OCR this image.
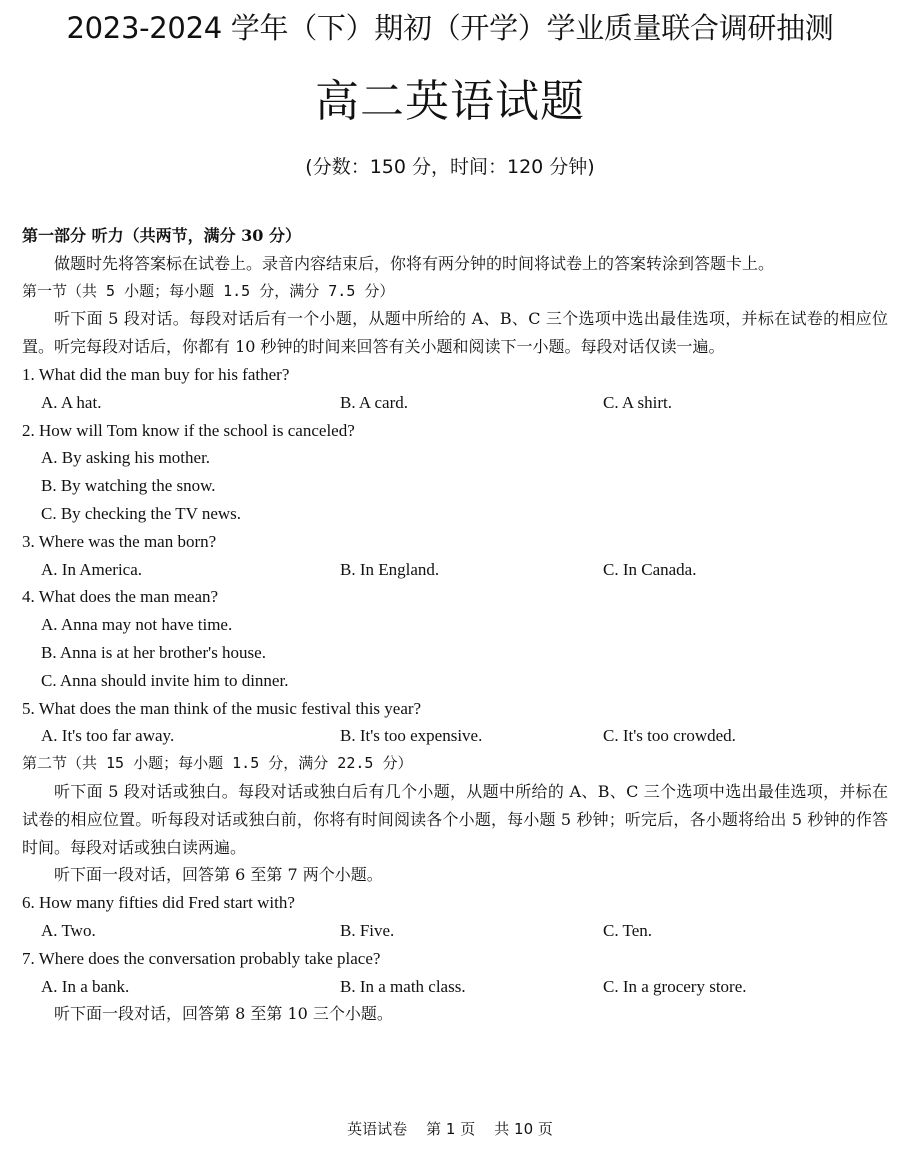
2023-2024 学年（下）期初（开学）学业质量联合调研抽测
高二英语试题
(分数：150 分，时间：120 分钟)
第一部分 听力（共两节，满分 30 分）
做题时先将答案标在试卷上。录音内容结束后，你将有两分钟的时间将试卷上的答案转涂到答题卡上。
第一节（共 5 小题；每小题 1.5 分，满分 7.5 分）
听下面 5 段对话。每段对话后有一个小题，从题中所给的 A、B、C 三个选项中选出最佳选项，并标在试卷的相应位置。听完每段对话后，你都有 10 秒钟的时间来回答有关小题和阅读下一小题。每段对话仅读一遍。
1. What did the man buy for his father?
A. A hat.	B. A card.	C. A shirt.
2. How will Tom know if the school is canceled?
A. By asking his mother.
B. By watching the snow.
C. By checking the TV news.
3. Where was the man born?
A. In America.	B. In England.	C. In Canada.
4. What does the man mean?
A. Anna may not have time.
B. Anna is at her brother's house.
C. Anna should invite him to dinner.
5. What does the man think of the music festival this year?
A. It's too far away.	B. It's too expensive.	C. It's too crowded.
第二节（共 15 小题；每小题 1.5 分，满分 22.5 分）
听下面 5 段对话或独白。每段对话或独白后有几个小题，从题中所给的 A、B、C 三个选项中选出最佳选项，并标在试卷的相应位置。听每段对话或独白前，你将有时间阅读各个小题，每小题 5 秒钟；听完后，各小题将给出 5 秒钟的作答时间。每段对话或独白读两遍。
听下面一段对话，回答第 6 至第 7 两个小题。
6. How many fifties did Fred start with?
A. Two.	B. Five.	C. Ten.
7. Where does the conversation probably take place?
A. In a bank.	B. In a math class.	C. In a grocery store.
听下面一段对话，回答第 8 至第 10 三个小题。
英语试卷    第 1 页    共 10 页
